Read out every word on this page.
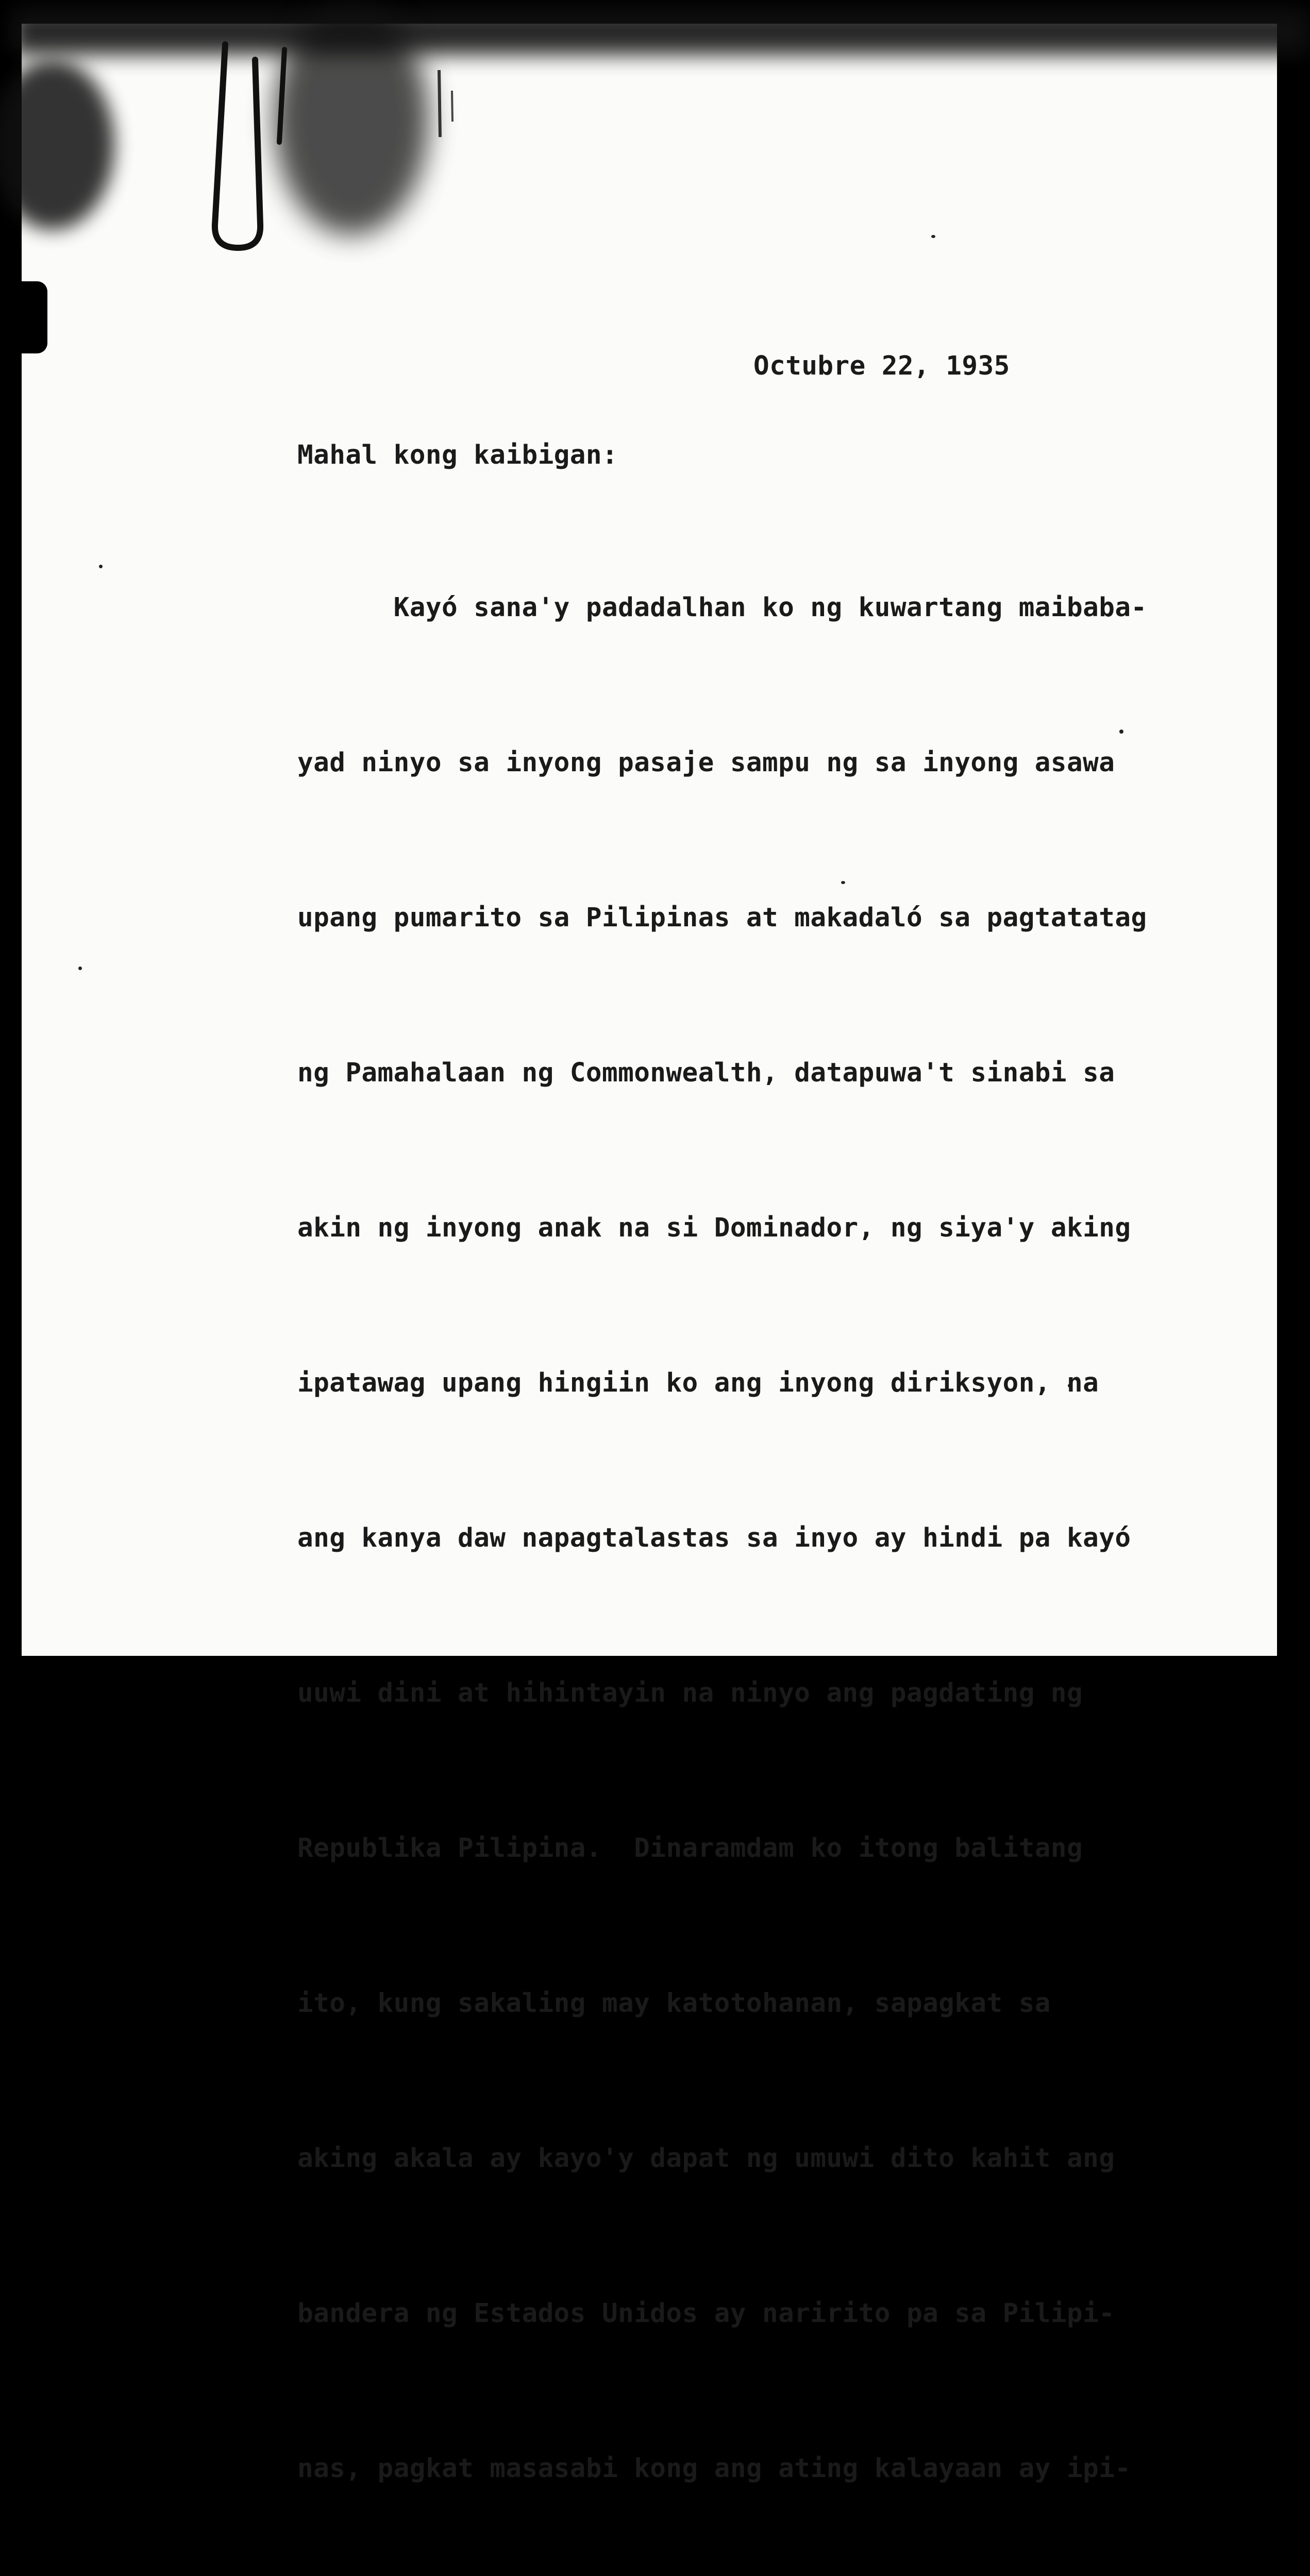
Octubre 22, 1935

Mahal kong kaibigan:

Kayó sana'y padadalhan ko ng kuwartang maibaba-

yad ninyo sa inyong pasaje sampu ng sa inyong asawa

upang pumarito sa Pilipinas at makadaló sa pagtatatag

ng Pamahalaan ng Commonwealth, datapuwa't sinabi sa

akin ng inyong anak na si Dominador, ng siya'y aking

ipatawag upang hingiin ko ang inyong diriksyon, na

ang kanya daw napagtalastas sa inyo ay hindi pa kayó

uuwi dini at hihintayin na ninyo ang pagdating ng

Republika Pilipina.  Dinaramdam ko itong balitang

ito, kung sakaling may katotohanan, sapagkat sa

aking akala ay kayo'y dapat ng umuwi dito kahit ang

bandera ng Estados Unidos ay naririto pa sa Pilipi-

nas, pagkat masasabi kong ang ating kalayaan ay ipi-
